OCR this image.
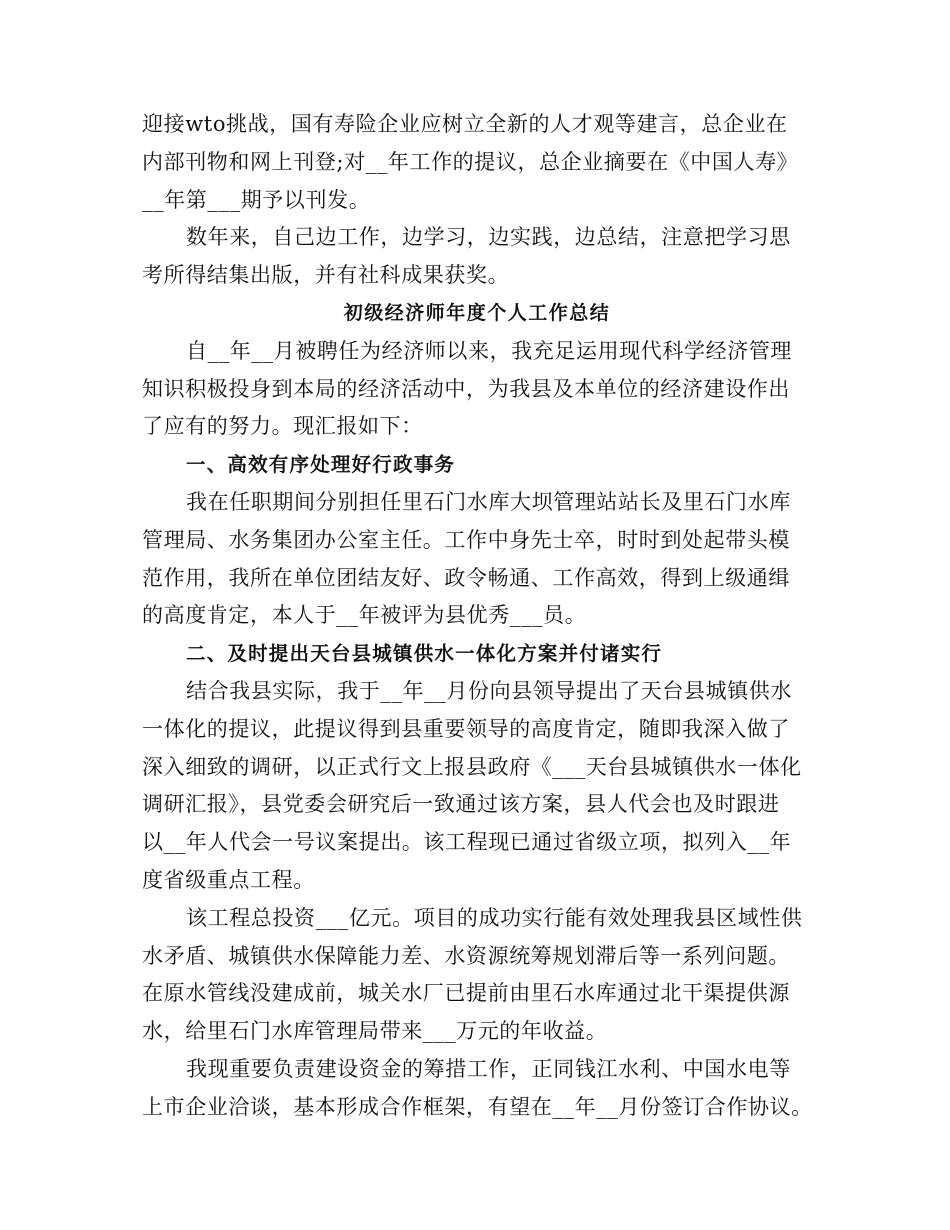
迎接wto挑战，国有寿险企业应树立全新的人才观等建言，总企业在
内部刊物和网上刊登;对__年工作的提议，总企业摘要在《中国人寿》
__年第___期予以刊发。
数年来，自己边工作，边学习，边实践，边总结，注意把学习思
考所得结集出版，并有社科成果获奖。
初级经济师年度个人工作总结
自__年__月被聘任为经济师以来，我充足运用现代科学经济管理
知识积极投身到本局的经济活动中，为我县及本单位的经济建设作出
了应有的努力。现汇报如下：
一、高效有序处理好行政事务
我在任职期间分别担任里石门水库大坝管理站站长及里石门水库
管理局、水务集团办公室主任。工作中身先士卒，时时到处起带头模
范作用，我所在单位团结友好、政令畅通、工作高效，得到上级通缉
的高度肯定，本人于__年被评为县优秀___员。
二、及时提出天台县城镇供水一体化方案并付诸实行
结合我县实际，我于__年__月份向县领导提出了天台县城镇供水
一体化的提议，此提议得到县重要领导的高度肯定，随即我深入做了
深入细致的调研，以正式行文上报县政府《___天台县城镇供水一体化
调研汇报》，县党委会研究后一致通过该方案，县人代会也及时跟进
以__年人代会一号议案提出。该工程现已通过省级立项，拟列入__年
度省级重点工程。
该工程总投资___亿元。项目的成功实行能有效处理我县区域性供
水矛盾、城镇供水保障能力差、水资源统筹规划滞后等一系列问题。
在原水管线没建成前，城关水厂已提前由里石水库通过北干渠提供源
水，给里石门水库管理局带来___万元的年收益。
我现重要负责建设资金的筹措工作，正同钱江水利、中国水电等
上市企业洽谈，基本形成合作框架，有望在__年__月份签订合作协议。
